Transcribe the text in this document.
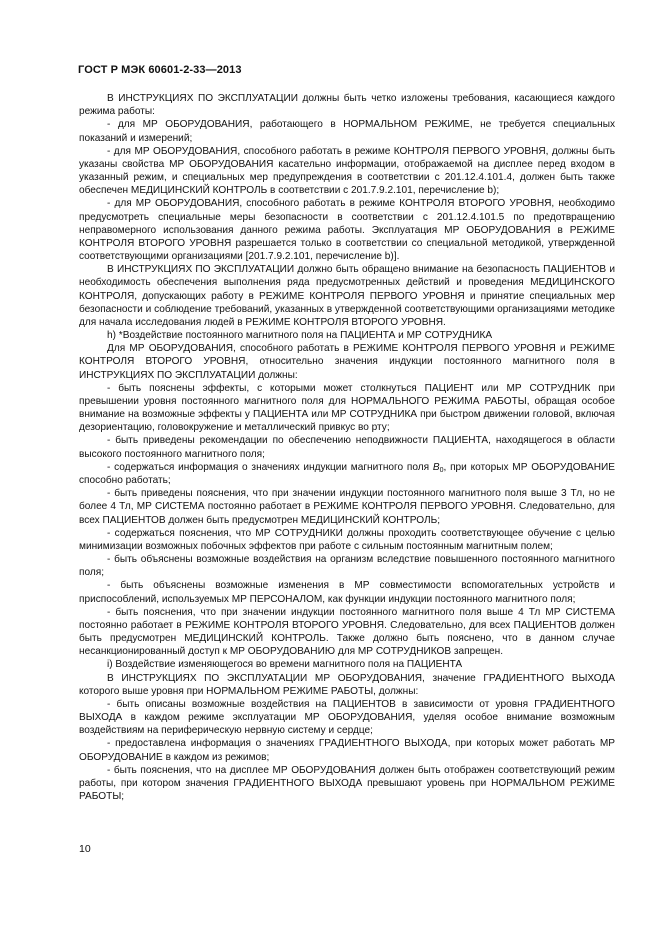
ГОСТ Р МЭК 60601-2-33—2013

В ИНСТРУКЦИЯХ ПО ЭКСПЛУАТАЦИИ должны быть четко изложены требования, касающиеся каждого режима работы:

- для МР ОБОРУДОВАНИЯ, работающего в НОРМАЛЬНОМ РЕЖИМЕ, не требуется специальных показаний и измерений;

- для МР ОБОРУДОВАНИЯ, способного работать в режиме КОНТРОЛЯ ПЕРВОГО УРОВНЯ, должны быть указаны свойства МР ОБОРУДОВАНИЯ касательно информации, отображаемой на дисплее перед входом в указанный режим, и специальных мер предупреждения в соответствии с 201.12.4.101.4, должен быть также обеспечен МЕДИЦИНСКИЙ КОНТРОЛЬ в соответствии с 201.7.9.2.101, перечисление b);

- для МР ОБОРУДОВАНИЯ, способного работать в режиме КОНТРОЛЯ ВТОРОГО УРОВНЯ, необходимо предусмотреть специальные меры безопасности в соответствии с 201.12.4.101.5 по предотвращению неправомерного использования данного режима работы. Эксплуатация МР ОБОРУДОВАНИЯ в РЕЖИМЕ КОНТРОЛЯ ВТОРОГО УРОВНЯ разрешается только в соответствии со специальной методикой, утвержденной соответствующими организациями [201.7.9.2.101, перечисление b)].

В ИНСТРУКЦИЯХ ПО ЭКСПЛУАТАЦИИ должно быть обращено внимание на безопасность ПАЦИЕНТОВ и необходимость обеспечения выполнения ряда предусмотренных действий и проведения МЕДИЦИНСКОГО КОНТРОЛЯ, допускающих работу в РЕЖИМЕ КОНТРОЛЯ ПЕРВОГО УРОВНЯ и принятие специальных мер безопасности и соблюдение требований, указанных в утвержденной соответствующими организациями методике для начала исследования людей в РЕЖИМЕ КОНТРОЛЯ ВТОРОГО УРОВНЯ.

h) *Воздействие постоянного магнитного поля на ПАЦИЕНТА и МР СОТРУДНИКА

Для МР ОБОРУДОВАНИЯ, способного работать в РЕЖИМЕ КОНТРОЛЯ ПЕРВОГО УРОВНЯ и РЕЖИМЕ КОНТРОЛЯ ВТОРОГО УРОВНЯ, относительно значения индукции постоянного магнитного поля в ИНСТРУКЦИЯХ ПО ЭКСПЛУАТАЦИИ должны:

- быть пояснены эффекты, с которыми может столкнуться ПАЦИЕНТ или МР СОТРУДНИК при превышении уровня постоянного магнитного поля для НОРМАЛЬНОГО РЕЖИМА РАБОТЫ, обращая особое внимание на возможные эффекты у ПАЦИЕНТА или МР СОТРУДНИКА при быстром движении головой, включая дезориентацию, головокружение и металлический привкус во рту;

- быть приведены рекомендации по обеспечению неподвижности ПАЦИЕНТА, находящегося в области высокого постоянного магнитного поля;

- содержаться информация о значениях индукции магнитного поля $B_0$, при которых МР ОБОРУДОВАНИЕ способно работать;

- быть приведены пояснения, что при значении индукции постоянного магнитного поля выше 3 Тл, но не более 4 Тл, МР СИСТЕМА постоянно работает в РЕЖИМЕ КОНТРОЛЯ ПЕРВОГО УРОВНЯ. Следовательно, для всех ПАЦИЕНТОВ должен быть предусмотрен МЕДИЦИНСКИЙ КОНТРОЛЬ;

- содержаться пояснения, что МР СОТРУДНИКИ должны проходить соответствующее обучение с целью минимизации возможных побочных эффектов при работе с сильным постоянным магнитным полем;

- быть объяснены возможные воздействия на организм вследствие повышенного постоянного магнитного поля;

- быть объяснены возможные изменения в МР совместимости вспомогательных устройств и приспособлений, используемых МР ПЕРСОНАЛОМ, как функции индукции постоянного магнитного поля;

- быть пояснения, что при значении индукции постоянного магнитного поля выше 4 Тл МР СИСТЕМА постоянно работает в РЕЖИМЕ КОНТРОЛЯ ВТОРОГО УРОВНЯ. Следовательно, для всех ПАЦИЕНТОВ должен быть предусмотрен МЕДИЦИНСКИЙ КОНТРОЛЬ. Также должно быть пояснено, что в данном случае несанкционированный доступ к МР ОБОРУДОВАНИЮ для МР СОТРУДНИКОВ запрещен.

i) Воздействие изменяющегося во времени магнитного поля на ПАЦИЕНТА

В ИНСТРУКЦИЯХ ПО ЭКСПЛУАТАЦИИ МР ОБОРУДОВАНИЯ, значение ГРАДИЕНТНОГО ВЫХОДА которого выше уровня при НОРМАЛЬНОМ РЕЖИМЕ РАБОТЫ, должны:

- быть описаны возможные воздействия на ПАЦИЕНТОВ в зависимости от уровня ГРАДИЕНТНОГО ВЫХОДА в каждом режиме эксплуатации МР ОБОРУДОВАНИЯ, уделяя особое внимание возможным воздействиям на периферическую нервную систему и сердце;

- предоставлена информация о значениях ГРАДИЕНТНОГО ВЫХОДА, при которых может работать МР ОБОРУДОВАНИЕ в каждом из режимов;

- быть пояснения, что на дисплее МР ОБОРУДОВАНИЯ должен быть отображен соответствующий режим работы, при котором значения ГРАДИЕНТНОГО ВЫХОДА превышают уровень при НОРМАЛЬНОМ РЕЖИМЕ РАБОТЫ;

10
